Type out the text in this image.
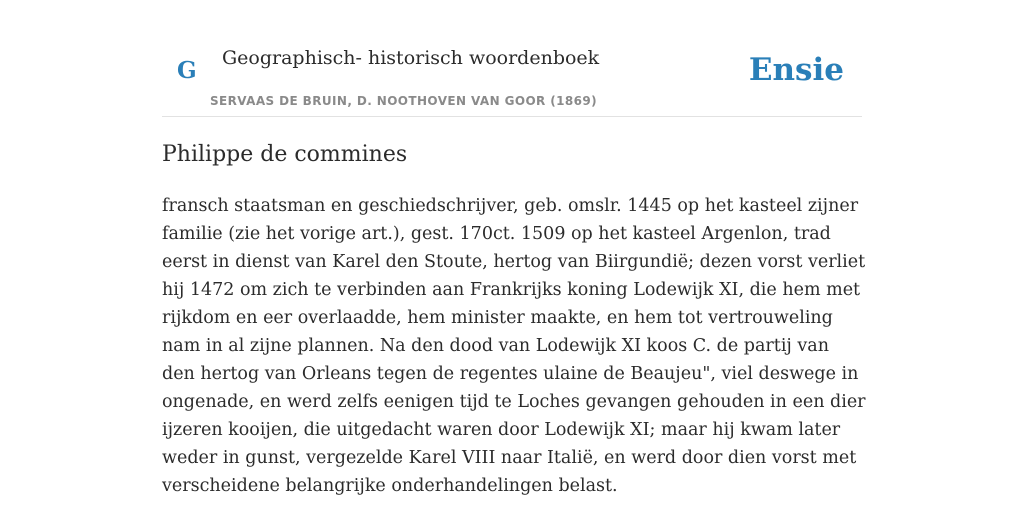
G Geographisch- historisch woordenboek
SERVAAS DE BRUIN, D. NOOTHOVEN VAN GOOR (1869)
Ensie
Philippe de commines

fransch staatsman en geschiedschrijver, geb. omslr. 1445 op het kasteel zijner familie (zie het vorige art.), gest. 170ct. 1509 op het kasteel Argenlon, trad eerst in dienst van Karel den Stoute, hertog van Biirgundië; dezen vorst verliet hij 1472 om zich te verbinden aan Frankrijks koning Lodewijk XI, die hem met rijkdom en eer overlaadde, hem minister maakte, en hem tot vertrouweling nam in al zijne plannen. Na den dood van Lodewijk XI koos C. de partij van den hertog van Orleans tegen de regentes ulaine de Beaujeu", viel deswege in ongenade, en werd zelfs eenigen tijd te Loches gevangen gehouden in een dier ijzeren kooijen, die uitgedacht waren door Lodewijk XI; maar hij kwam later weder in gunst, vergezelde Karel VIII naar Italië, en werd door dien vorst met verscheidene belangrijke onderhandelingen belast.
